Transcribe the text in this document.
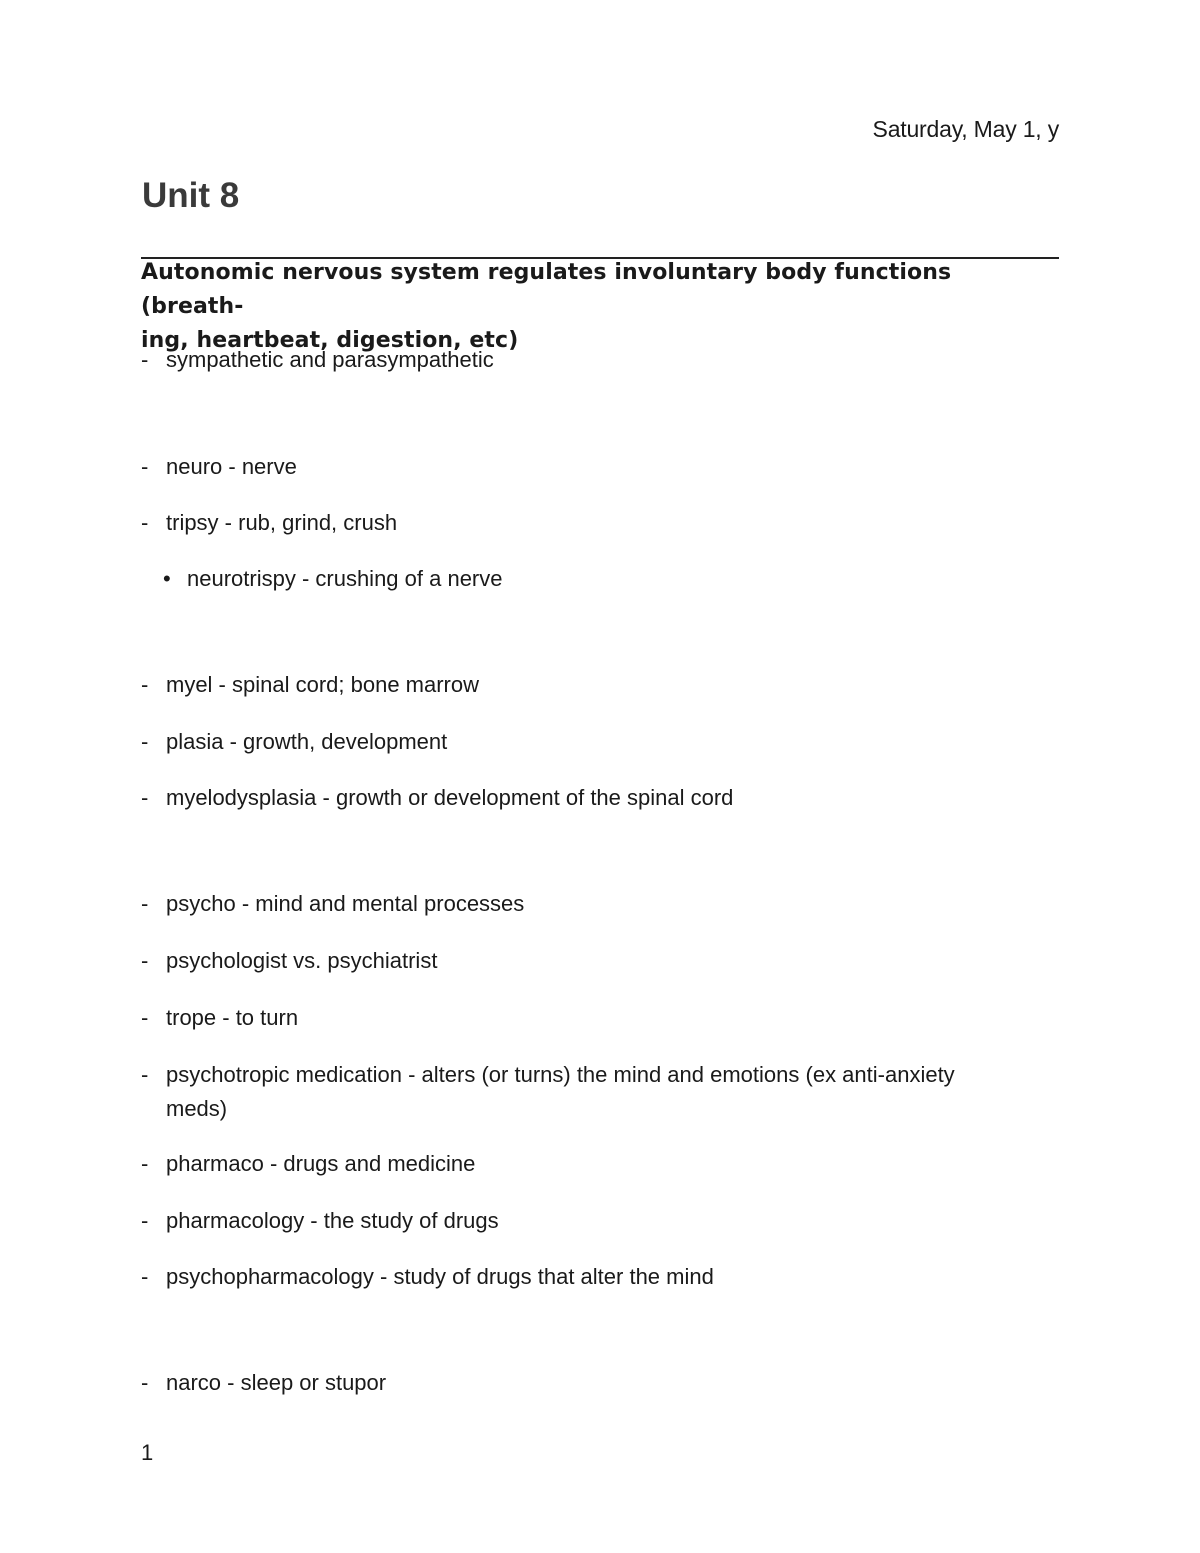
Saturday, May 1, y
Unit 8

Autonomic nervous system regulates involuntary body functions (breath-
ing, heartbeat, digestion, etc)

- sympathetic and parasympathetic
- neuro - nerve
- tripsy - rub, grind, crush
• neurotrispy - crushing of a nerve
- myel - spinal cord; bone marrow
- plasia - growth, development
- myelodysplasia - growth or development of the spinal cord
- psycho - mind and mental processes
- psychologist vs. psychiatrist
- trope - to turn
- psychotropic medication - alters (or turns) the mind and emotions (ex anti-anxiety meds)
- pharmaco - drugs and medicine
- pharmacology - the study of drugs
- psychopharmacology - study of drugs that alter the mind
- narco - sleep or stupor
1
